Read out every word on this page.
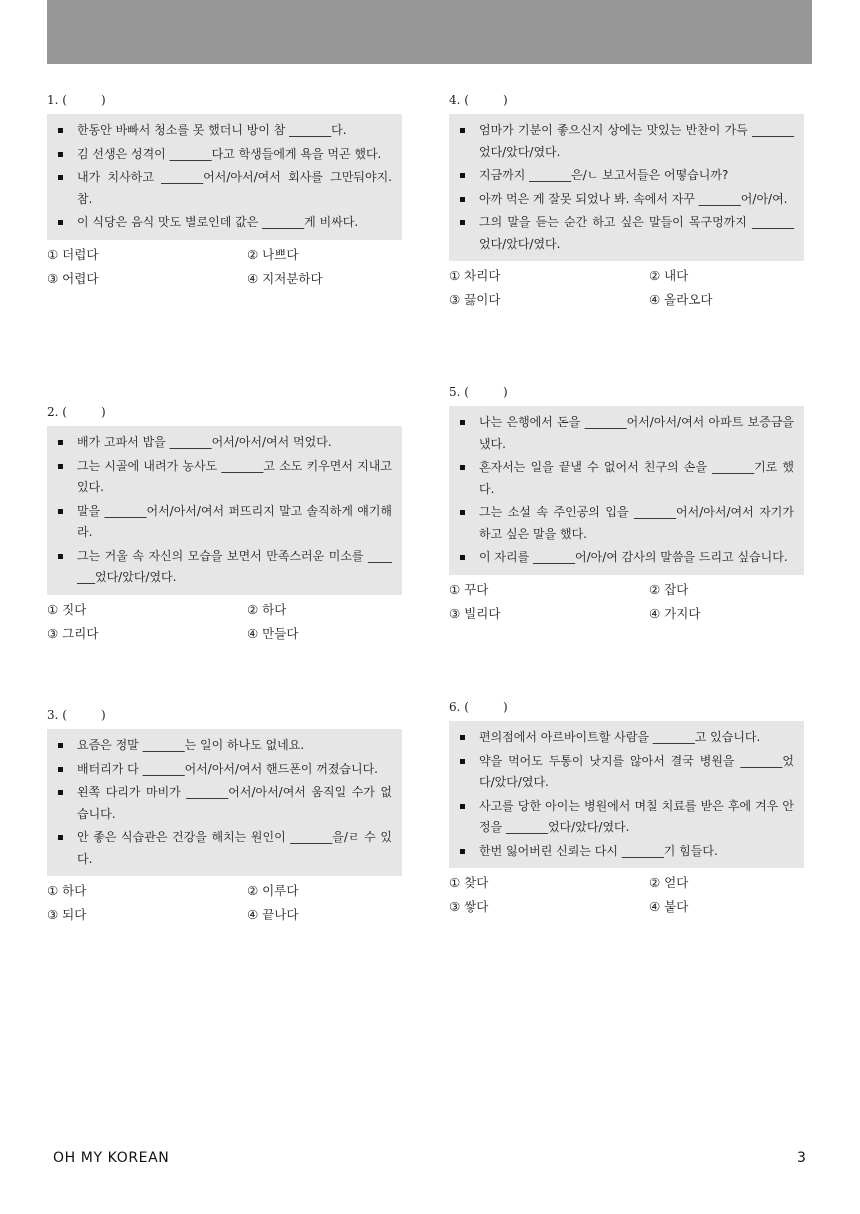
1. (	)
한동안 바빠서 청소를 못 했더니 방이 참 _______다.
김 선생은 성격이 _______다고 학생들에게 욕을 먹곤 했다.
내가 치사하고 _______어서/아서/여서 회사를 그만둬야지. 참.
이 식당은 음식 맛도 별로인데 값은 _______게 비싸다.
① 더럽다	② 나쁘다
③ 어렵다	④ 지저분하다
2. (	)
배가 고파서 밥을 _______어서/아서/여서 먹었다.
그는 시골에 내려가 농사도 _______고 소도 키우면서 지내고 있다.
말을 _______어서/아서/여서 퍼뜨리지 말고 솔직하게 얘기해라.
그는 거울 속 자신의 모습을 보면서 만족스러운 미소를 _______었다/았다/였다.
① 짓다	② 하다
③ 그리다	④ 만들다
3. (	)
요즘은 정말 _______는 일이 하나도 없네요.
배터리가 다 _______어서/아서/여서 핸드폰이 꺼졌습니다.
왼쪽 다리가 마비가 _______어서/아서/여서 움직일 수가 없습니다.
안 좋은 식습관은 건강을 해치는 원인이 _______을/ㄹ 수 있다.
① 하다	② 이루다
③ 되다	④ 끝나다
4. (	)
엄마가 기분이 좋으신지 상에는 맛있는 반찬이 가득 _______었다/았다/였다.
지금까지 _______은/ㄴ 보고서들은 어떻습니까?
아까 먹은 게 잘못 되었나 봐. 속에서 자꾸 _______어/아/여.
그의 말을 듣는 순간 하고 싶은 말들이 목구멍까지 _______었다/았다/였다.
① 차리다	② 내다
③ 끓이다	④ 올라오다
5. (	)
나는 은행에서 돈을 _______어서/아서/여서 아파트 보증금을 냈다.
혼자서는 일을 끝낼 수 없어서 친구의 손을 _______기로 했다.
그는 소설 속 주인공의 입을 _______어서/아서/여서 자기가 하고 싶은 말을 했다.
이 자리를 _______어/아/여 감사의 말씀을 드리고 싶습니다.
① 꾸다	② 잡다
③ 빌리다	④ 가지다
6. (	)
편의점에서 아르바이트할 사람을 _______고 있습니다.
약을 먹어도 두통이 낫지를 않아서 결국 병원을 _______었다/았다/였다.
사고를 당한 아이는 병원에서 며칠 치료를 받은 후에 겨우 안정을 _______었다/았다/였다.
한번 잃어버린 신뢰는 다시 _______기 힘들다.
① 찾다	② 얻다
③ 쌓다	④ 붙다
OH MY KOREAN	3
